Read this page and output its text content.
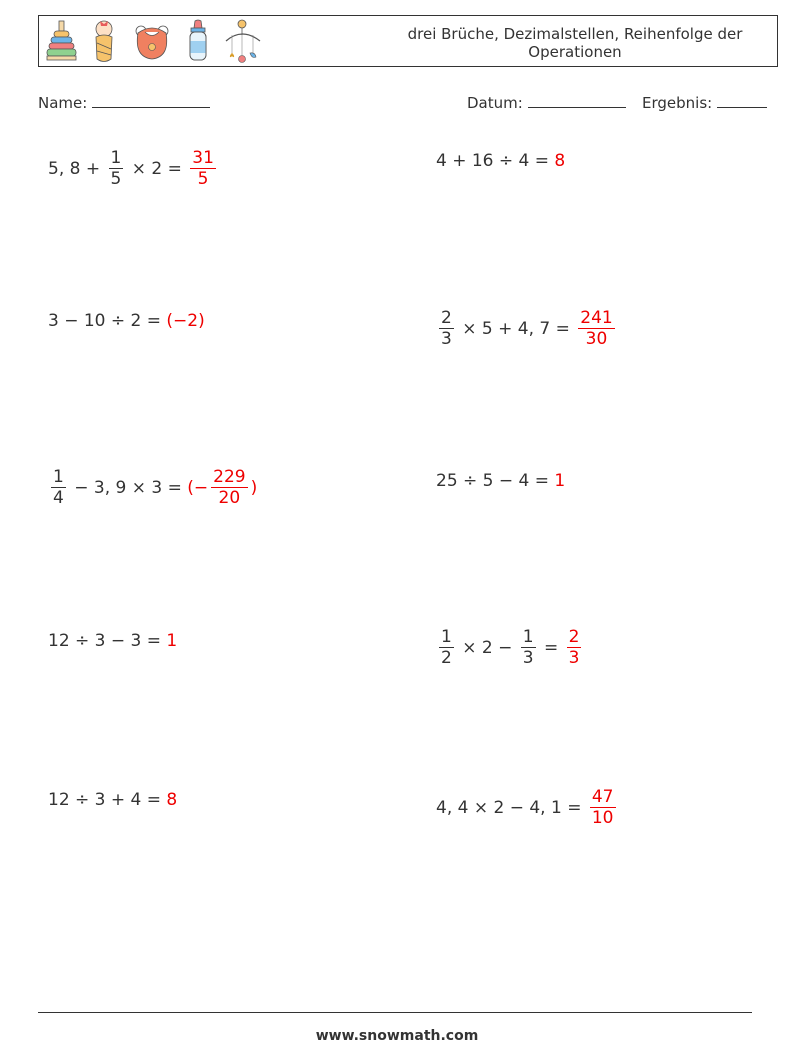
drei Brüche, Dezimalstellen, Reihenfolge der Operationen
Name:	Datum:	Ergebnis:
5, $8 + \frac{1}{5} \times 2 = \frac{31}{5}$	4 + 16 ÷ 4 = 8
3 − 10 ÷ 2 = (−2)	$\frac{2}{3} \times 5 + 4$, $7 = \frac{241}{30}$
$\frac{1}{4} - 3$, 9 × 3 = (− $\frac{229}{20}$ )	25 ÷ 5 − 4 = 1
12 ÷ 3 − 3 = 1	$\frac{1}{2} \times 2 - \frac{1}{3} = \frac{2}{3}$
12 ÷ 3 + 4 = 8	4, 4 × 2 − 4, $1 = \frac{47}{10}$
www.snowmath.com
